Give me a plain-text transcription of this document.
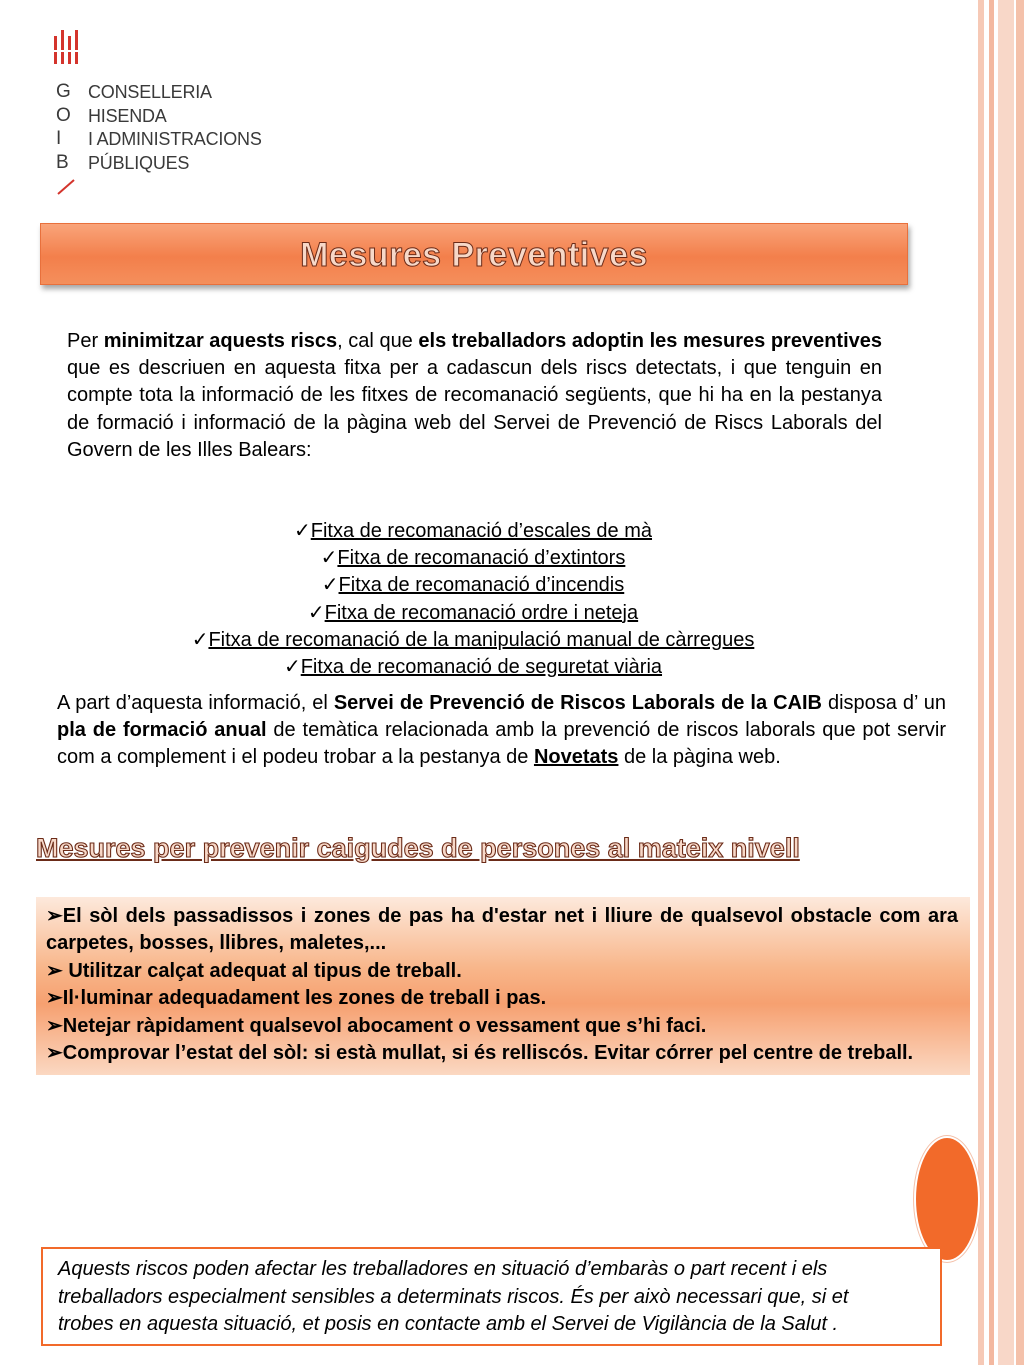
G
O
I
B
CONSELLERIA
HISENDA
I ADMINISTRACIONS
PÚBLIQUES
Mesures Preventives
Per minimitzar aquests riscs, cal que els treballadors adoptin les mesures preventives que es descriuen en aquesta fitxa per a cadascun dels riscs detectats, i que tenguin en compte tota la informació de les fitxes de recomanació següents, que hi ha en la pestanya de formació i informació de la pàgina web del Servei de Prevenció de Riscs Laborals del Govern de les Illes Balears:
✓Fitxa de recomanació d’escales de mà
✓Fitxa de recomanació d’extintors
✓Fitxa de recomanació d’incendis
✓Fitxa de recomanació ordre i neteja
✓Fitxa de recomanació de la manipulació manual de càrregues
✓Fitxa de recomanació de seguretat viària
A part d’aquesta informació, el Servei de Prevenció de Riscos Laborals de la CAIB disposa d’ un pla de formació anual de temàtica relacionada amb la prevenció de riscos laborals que pot servir com a complement i el podeu trobar a la pestanya de Novetats de la pàgina web.
Mesures per prevenir caigudes de persones al mateix nivell
➢El sòl dels passadissos i zones de pas ha d'estar net i lliure de qualsevol obstacle com ara carpetes, bosses, llibres, maletes,...
➢ Utilitzar calçat adequat al tipus de treball.
➢Il·luminar adequadament les zones de treball i pas.
➢Netejar ràpidament qualsevol abocament o vessament que s’hi faci.
➢Comprovar l’estat del sòl: si està mullat, si és relliscós. Evitar córrer pel centre de treball.
Aquests riscos poden afectar les treballadores en situació d’embaràs o part recent i els treballadors especialment sensibles a determinats riscos. És per això necessari que, si et trobes en aquesta situació, et posis en contacte amb el Servei de Vigilància de la Salut .
